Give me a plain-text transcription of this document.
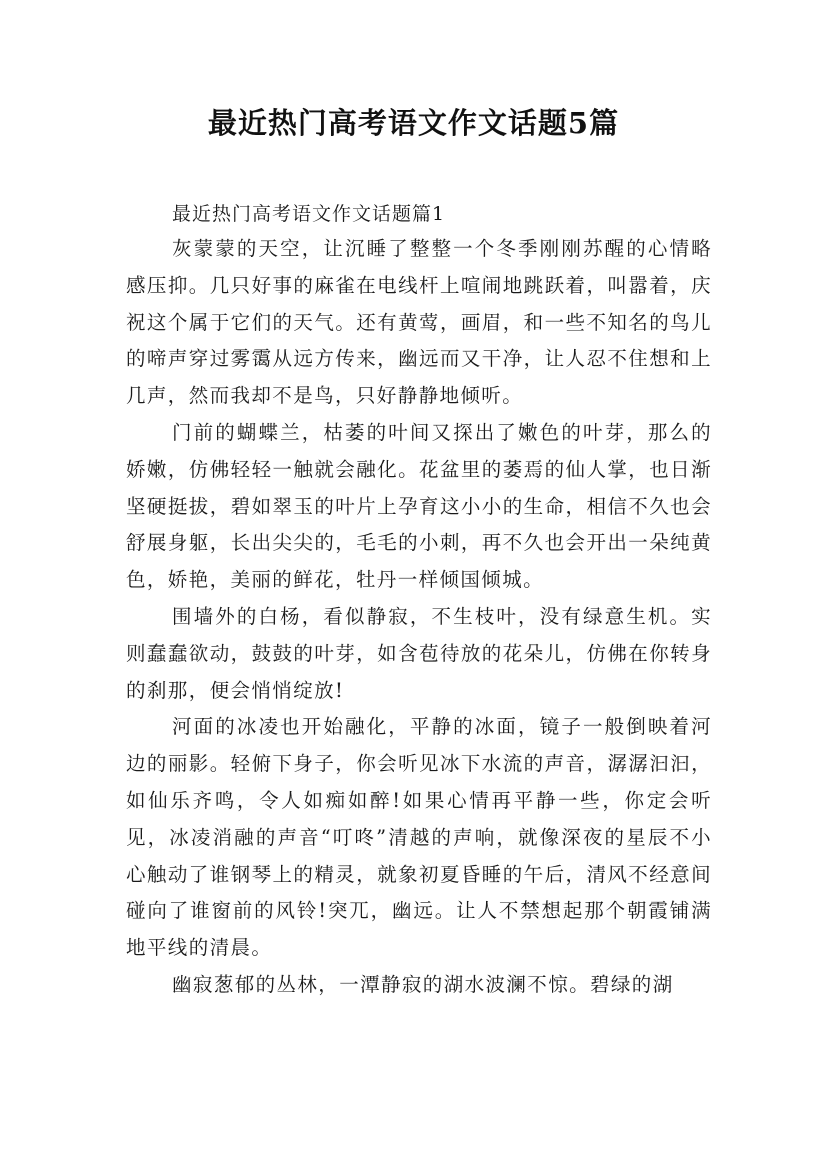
最近热门高考语文作文话题5篇

最近热门高考语文作文话题篇1

灰蒙蒙的天空，让沉睡了整整一个冬季刚刚苏醒的心情略感压抑。几只好事的麻雀在电线杆上喧闹地跳跃着，叫嚣着，庆祝这个属于它们的天气。还有黄莺，画眉，和一些不知名的鸟儿的啼声穿过雾霭从远方传来，幽远而又干净，让人忍不住想和上几声，然而我却不是鸟，只好静静地倾听。

门前的蝴蝶兰，枯萎的叶间又探出了嫩色的叶芽，那么的娇嫩，仿佛轻轻一触就会融化。花盆里的萎焉的仙人掌，也日渐坚硬挺拔，碧如翠玉的叶片上孕育这小小的生命，相信不久也会舒展身躯，长出尖尖的，毛毛的小刺，再不久也会开出一朵纯黄色，娇艳，美丽的鲜花，牡丹一样倾国倾城。

围墙外的白杨，看似静寂，不生枝叶，没有绿意生机。实则蠢蠢欲动，鼓鼓的叶芽，如含苞待放的花朵儿，仿佛在你转身的刹那，便会悄悄绽放!

河面的冰凌也开始融化，平静的冰面，镜子一般倒映着河边的丽影。轻俯下身子，你会听见冰下水流的声音，潺潺汩汩，如仙乐齐鸣，令人如痴如醉!如果心情再平静一些，你定会听见，冰凌消融的声音“叮咚”清越的声响，就像深夜的星辰不小心触动了谁钢琴上的精灵，就象初夏昏睡的午后，清风不经意间碰向了谁窗前的风铃!突兀，幽远。让人不禁想起那个朝霞铺满地平线的清晨。

幽寂葱郁的丛林，一潭静寂的湖水波澜不惊。碧绿的湖
